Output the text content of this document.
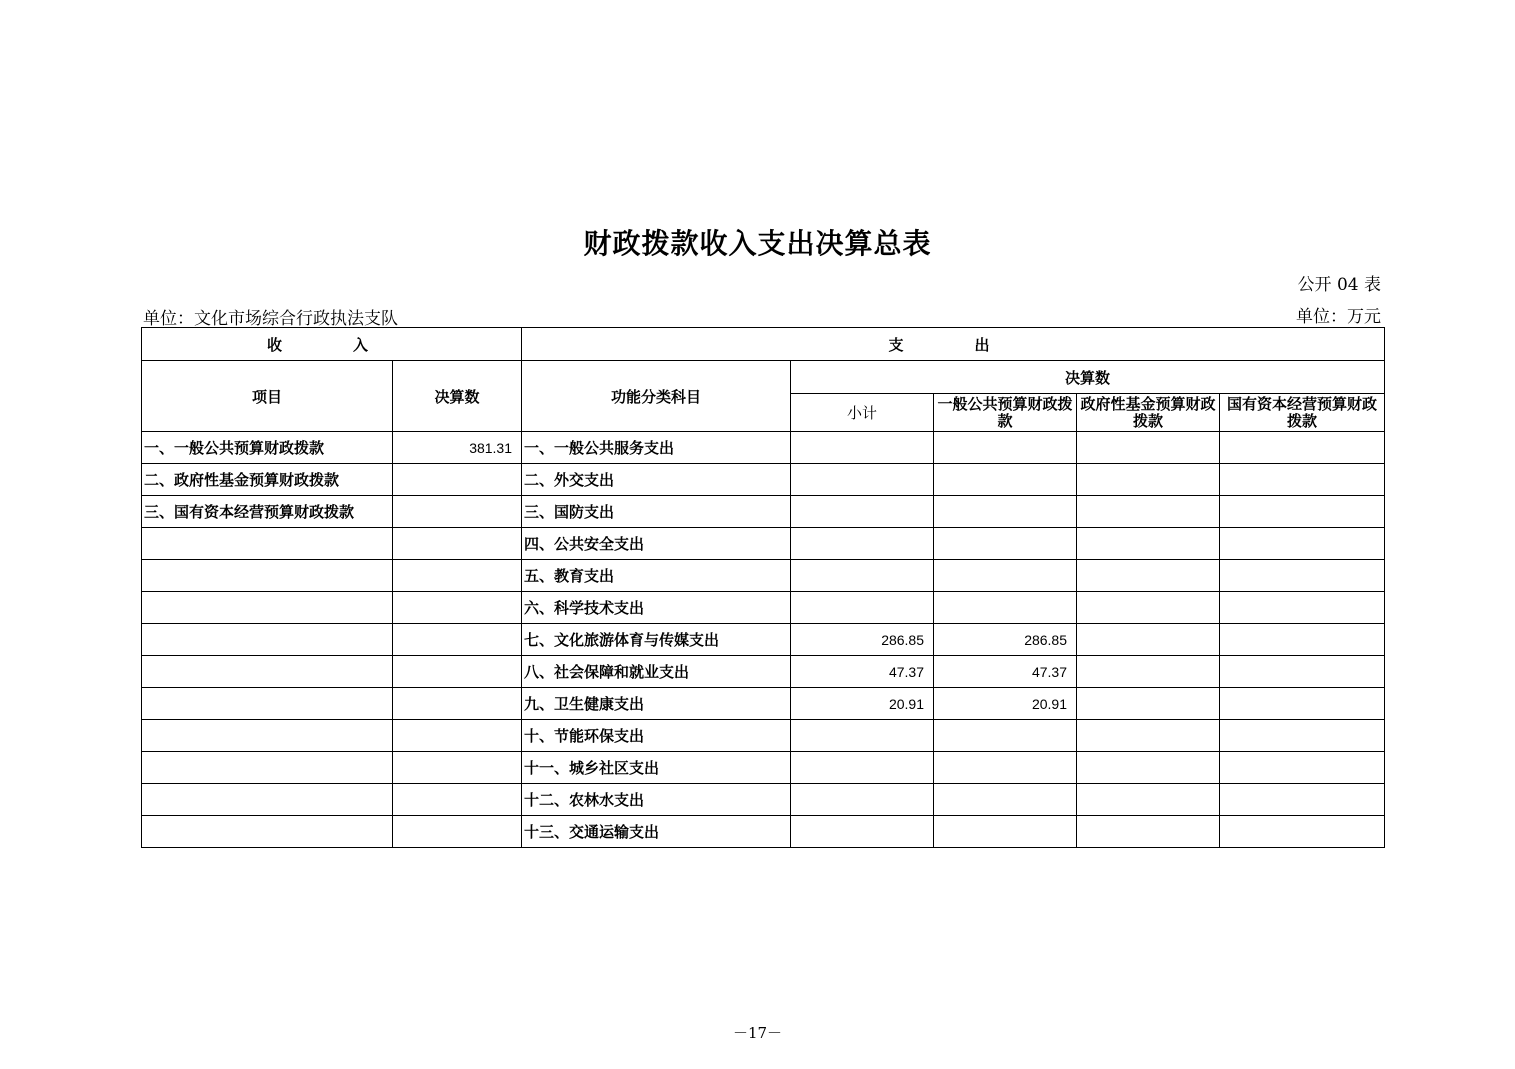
财政拨款收入支出决算总表
公开 04 表
单位：文化市场综合行政执法支队	单位：万元
收　入		支　出				
项目	决算数	功能分类科目	决算数			
			小计	一般公共预算财政拨款	政府性基金预算财政拨款	国有资本经营预算财政拨款
一、一般公共预算财政拨款	381.31	一、一般公共服务支出				
二、政府性基金预算财政拨款		二、外交支出				
三、国有资本经营预算财政拨款		三、国防支出				
		四、公共安全支出				
		五、教育支出				
		六、科学技术支出				
		七、文化旅游体育与传媒支出	286.85	286.85		
		八、社会保障和就业支出	47.37	47.37		
		九、卫生健康支出	20.91	20.91		
		十、节能环保支出				
		十一、城乡社区支出				
		十二、农林水支出				
		十三、交通运输支出				
－17－
